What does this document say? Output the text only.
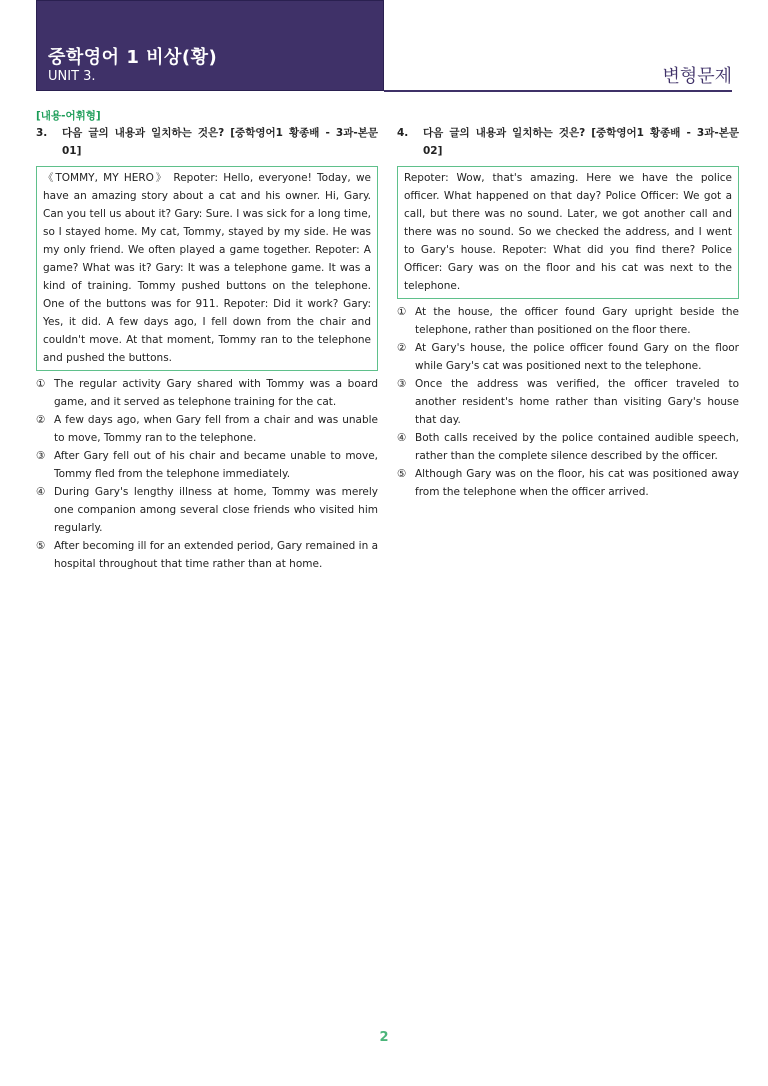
중학영어 1 비상(황)
UNIT 3.	변형문제
[내용-어휘형]
3.	다음 글의 내용과 일치하는 것은? [중학영어1 황종배 - 3과-본문 01]
《TOMMY, MY HERO》 Repoter: Hello, everyone! Today, we have an amazing story about a cat and his owner. Hi, Gary. Can you tell us about it? Gary: Sure. I was sick for a long time, so I stayed home. My cat, Tommy, stayed by my side. He was my only friend. We often played a game together. Repoter: A game? What was it? Gary: It was a telephone game. It was a kind of training. Tommy pushed buttons on the telephone. One of the buttons was for 911. Repoter: Did it work? Gary: Yes, it did. A few days ago, I fell down from the chair and couldn't move. At that moment, Tommy ran to the telephone and pushed the buttons.
① The regular activity Gary shared with Tommy was a board game, and it served as telephone training for the cat.
② A few days ago, when Gary fell from a chair and was unable to move, Tommy ran to the telephone.
③ After Gary fell out of his chair and became unable to move, Tommy fled from the telephone immediately.
④ During Gary's lengthy illness at home, Tommy was merely one companion among several close friends who visited him regularly.
⑤ After becoming ill for an extended period, Gary remained in a hospital throughout that time rather than at home.
4.	다음 글의 내용과 일치하는 것은? [중학영어1 황종배 - 3과-본문 02]
Repoter: Wow, that's amazing. Here we have the police officer. What happened on that day? Police Officer: We got a call, but there was no sound. Later, we got another call and there was no sound. So we checked the address, and I went to Gary's house. Repoter: What did you find there? Police Officer: Gary was on the floor and his cat was next to the telephone.
① At the house, the officer found Gary upright beside the telephone, rather than positioned on the floor there.
② At Gary's house, the police officer found Gary on the floor while Gary's cat was positioned next to the telephone.
③ Once the address was verified, the officer traveled to another resident's home rather than visiting Gary's house that day.
④ Both calls received by the police contained audible speech, rather than the complete silence described by the officer.
⑤ Although Gary was on the floor, his cat was positioned away from the telephone when the officer arrived.
2
